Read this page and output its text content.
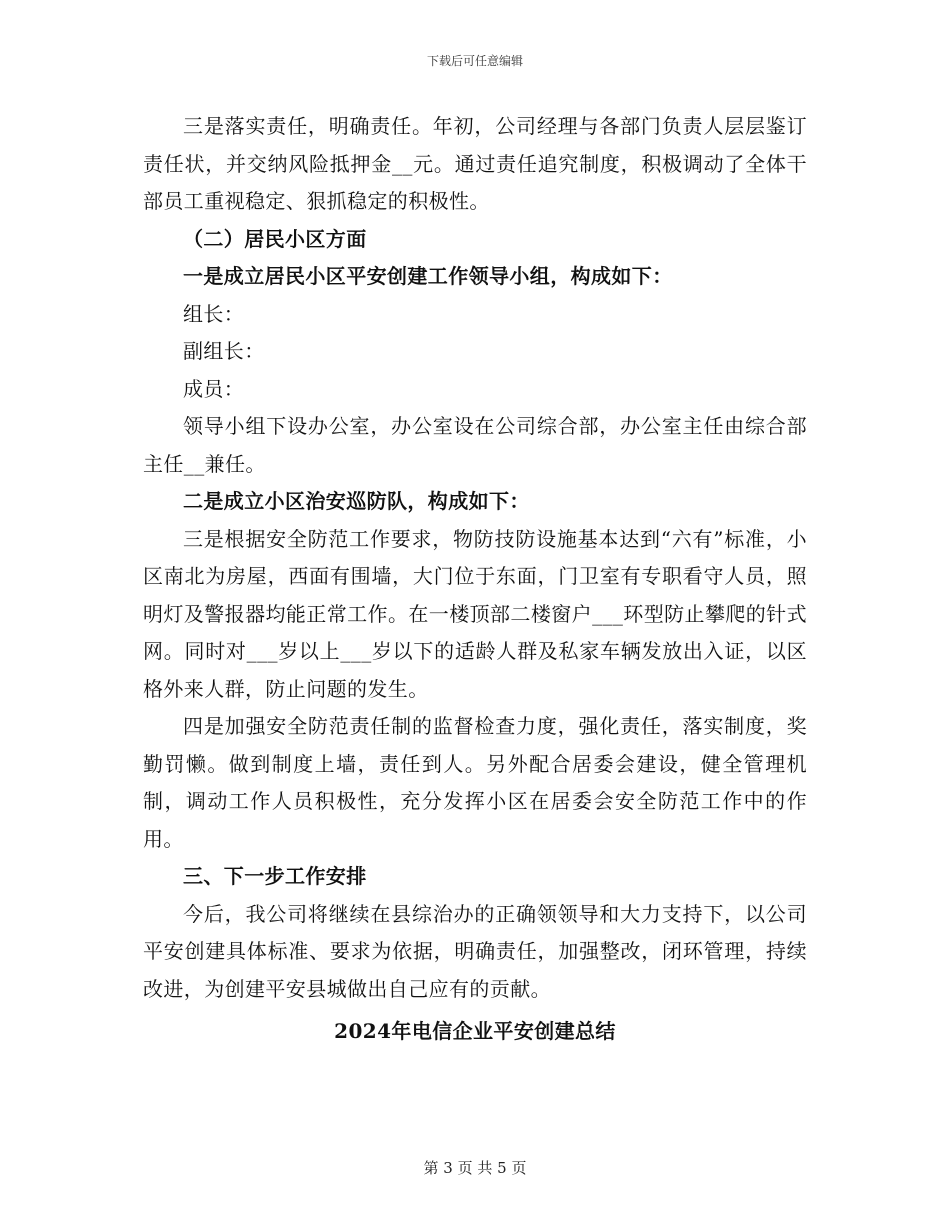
下载后可任意编辑

三是落实责任，明确责任。年初，公司经理与各部门负责人层层鉴订责任状，并交纳风险抵押金__元。通过责任追究制度，积极调动了全体干部员工重视稳定、狠抓稳定的积极性。

（二）居民小区方面

一是成立居民小区平安创建工作领导小组，构成如下：

组长：

副组长：

成员：

领导小组下设办公室，办公室设在公司综合部，办公室主任由综合部主任__兼任。

二是成立小区治安巡防队，构成如下：

三是根据安全防范工作要求，物防技防设施基本达到“六有”标准，小区南北为房屋，西面有围墙，大门位于东面，门卫室有专职看守人员，照明灯及警报器均能正常工作。在一楼顶部二楼窗户___环型防止攀爬的针式网。同时对___岁以上___岁以下的适龄人群及私家车辆发放出入证，以区格外来人群，防止问题的发生。

四是加强安全防范责任制的监督检查力度，强化责任，落实制度，奖勤罚懒。做到制度上墙，责任到人。另外配合居委会建设，健全管理机制，调动工作人员积极性，充分发挥小区在居委会安全防范工作中的作用。

三、下一步工作安排

今后，我公司将继续在县综治办的正确领领导和大力支持下，以公司平安创建具体标准、要求为依据，明确责任，加强整改，闭环管理，持续改进，为创建平安县城做出自己应有的贡献。

2024年电信企业平安创建总结

第 3 页 共 5 页
